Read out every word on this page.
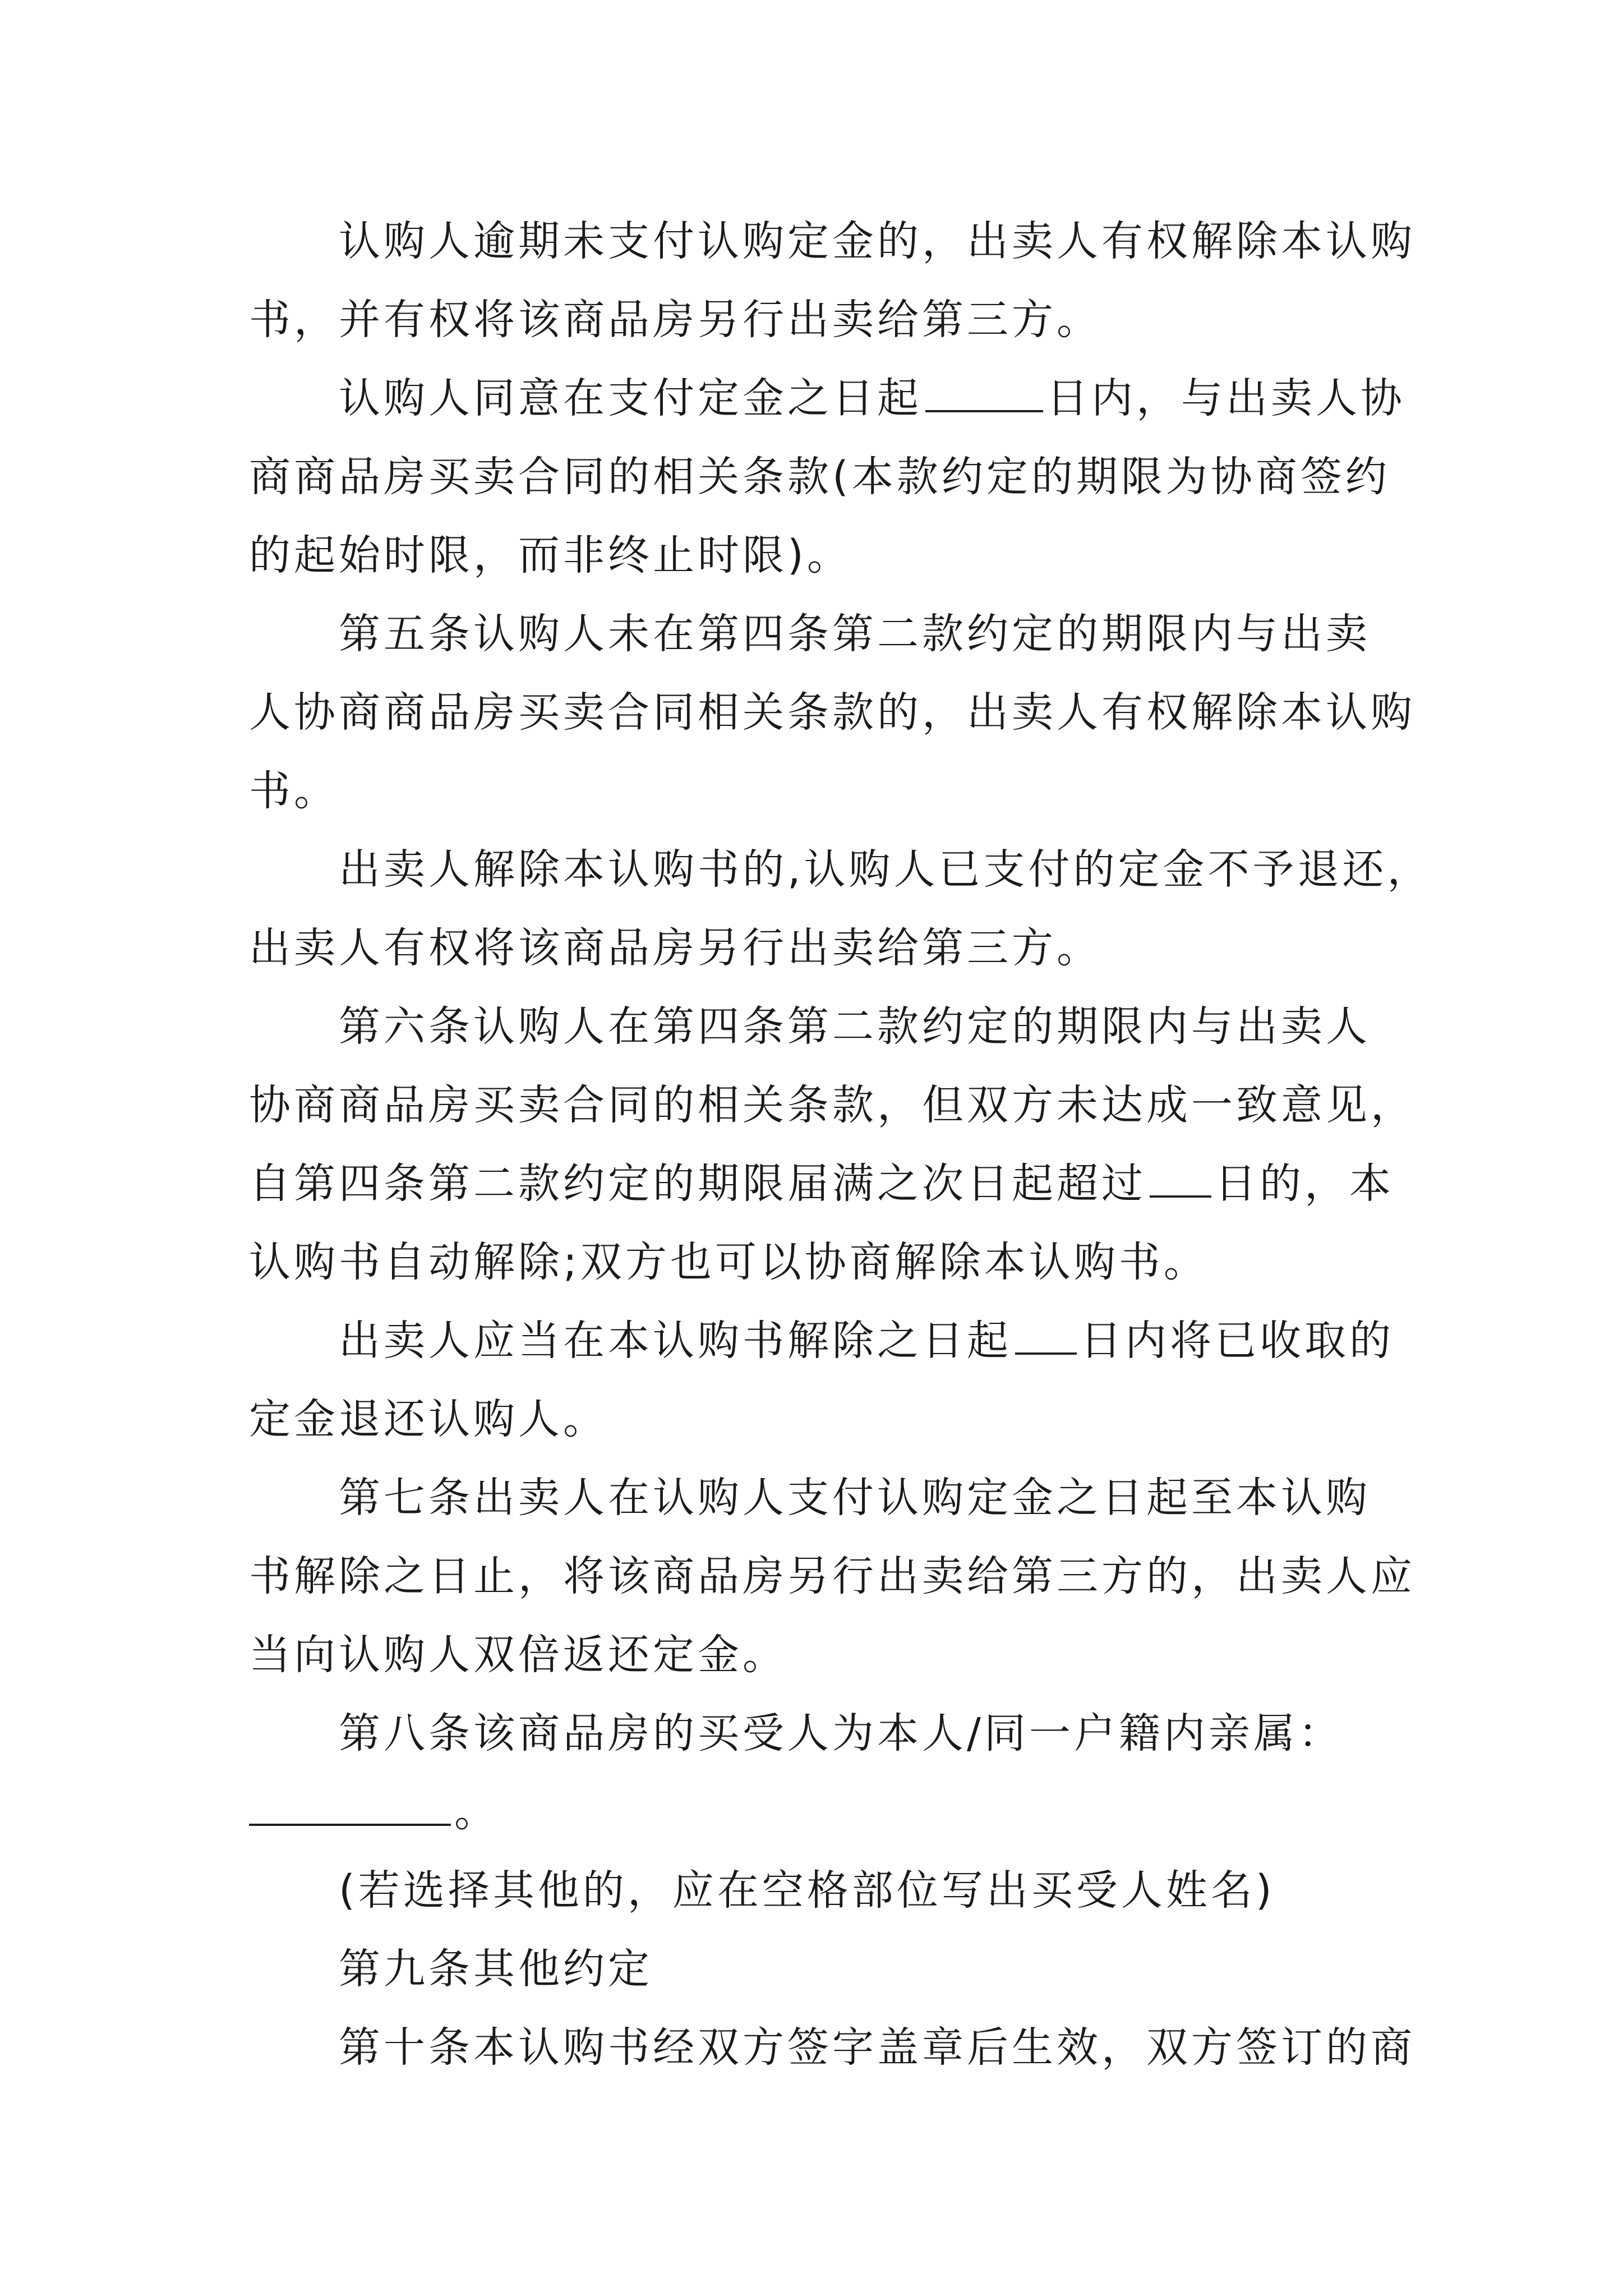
认购人逾期未支付认购定金的，出卖人有权解除本认购
书，并有权将该商品房另行出卖给第三方。
认购人同意在支付定金之日起	日内，与出卖人协
商商品房买卖合同的相关条款(本款约定的期限为协商签约
的起始时限，而非终止时限)。
第五条认购人未在第四条第二款约定的期限内与出卖
人协商商品房买卖合同相关条款的，出卖人有权解除本认购
书。
出卖人解除本认购书的,认购人已支付的定金不予退还，
出卖人有权将该商品房另行出卖给第三方。
第六条认购人在第四条第二款约定的期限内与出卖人
协商商品房买卖合同的相关条款，但双方未达成一致意见，
自第四条第二款约定的期限届满之次日起超过 日的，本
认购书自动解除;双方也可以协商解除本认购书。
出卖人应当在本认购书解除之日起 日内将已收取的
定金退还认购人。
第七条出卖人在认购人支付认购定金之日起至本认购
书解除之日止，将该商品房另行出卖给第三方的，出卖人应
当向认购人双倍返还定金。
第八条该商品房的买受人为本人/同一户籍内亲属：
。
(若选择其他的，应在空格部位写出买受人姓名)
第九条其他约定
第十条本认购书经双方签字盖章后生效，双方签订的商
